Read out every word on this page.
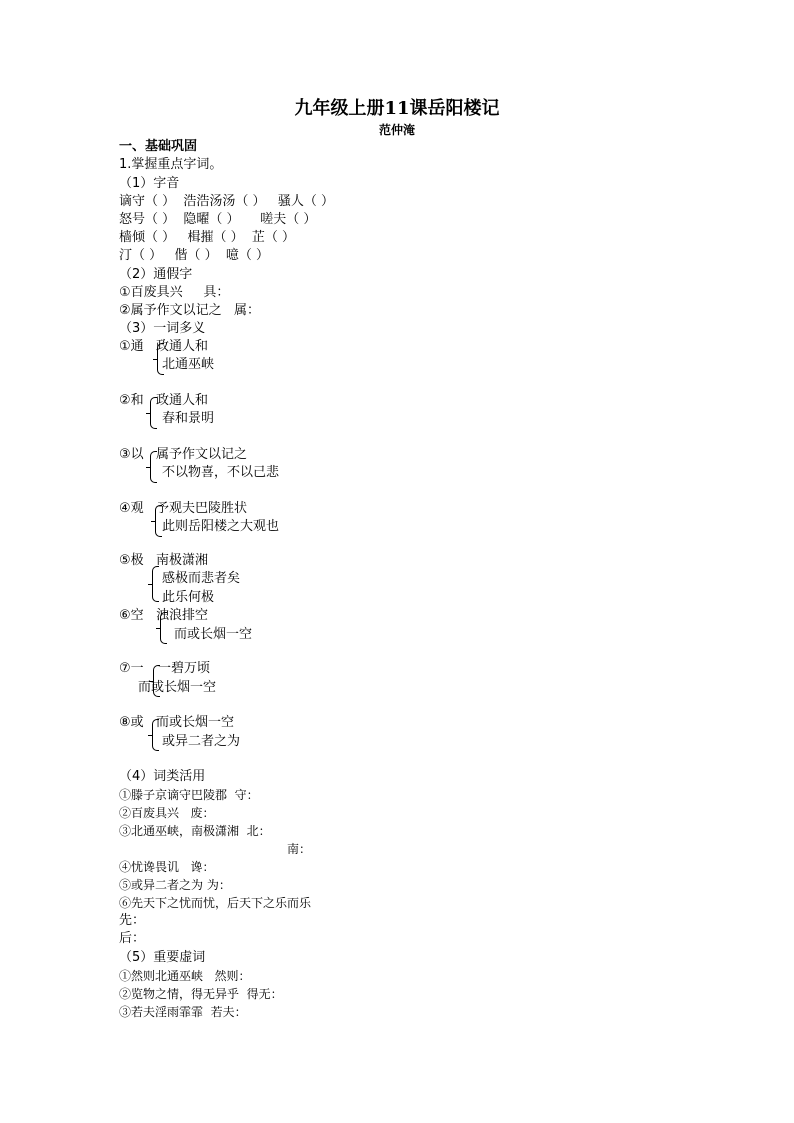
九年级上册11课岳阳楼记
范仲淹
一、基础巩固
1.掌握重点字词。
（1）字音
谪守（ ）  浩浩汤汤（ ）   骚人（ ）
怒号（ ）  隐曜（ ）     嗟夫（ ）
樯倾（ ）   楫摧（ ）  芷（ ）
汀（ ）   偕（ ）  噫（ ）
（2）通假字
①百废具兴     具：
②属予作文以记之   属：
（3）一词多义
①通 政通人和
北通巫峡
②和 政通人和
春和景明
③以 属予作文以记之
不以物喜，不以己悲
④观 予观夫巴陵胜状
此则岳阳楼之大观也
⑤极 南极潇湘
感极而悲者矣
此乐何极
⑥空 浊浪排空
而或长烟一空
⑦一 一碧万顷
而或长烟一空
⑧或 而或长烟一空
或异二者之为
（4）词类活用
①滕子京谪守巴陵郡  守：
②百废具兴   废：
③北通巫峡，南极潇湘  北：
南：
④忧谗畏讥   谗：
⑤或异二者之为 为：
⑥先天下之忧而忧，后天下之乐而乐
先：
后：
（5）重要虚词
①然则北通巫峡   然则：
②览物之情，得无异乎  得无：
③若夫淫雨霏霏  若夫：
